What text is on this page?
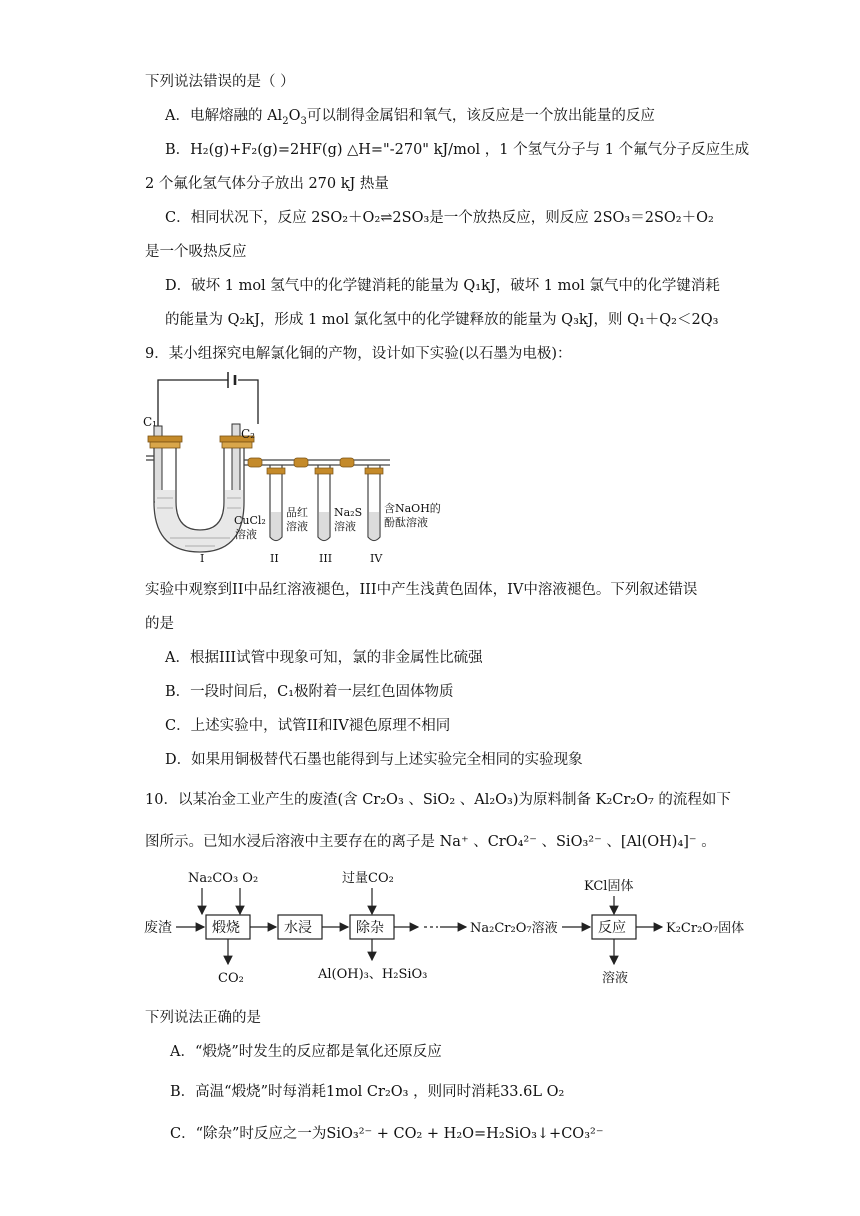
下列说法错误的是（ ）
A．电解熔融的 $Al_2O_3$可以制得金属铝和氧气，该反应是一个放出能量的反应
B．H₂(g)+F₂(g)=2HF(g) △H="-270" kJ/mol ，1 个氢气分子与 1 个氟气分子反应生成
2 个氟化氢气体分子放出 270 kJ 热量
C．相同状况下，反应 2SO₂＋O₂⇌2SO₃是一个放热反应，则反应 2SO₃＝2SO₂＋O₂
是一个吸热反应
D．破坏 1 mol 氢气中的化学键消耗的能量为 Q₁kJ，破坏 1 mol 氯气中的化学键消耗
的能量为 Q₂kJ，形成 1 mol 氯化氢中的化学键释放的能量为 Q₃kJ，则 Q₁＋Q₂＜2Q₃
9．某小组探究电解氯化铜的产物，设计如下实验(以石墨为电极)：
C₁
C₂
CuCl₂
溶液
品红
溶液
Na₂S
溶液
含NaOH的
酚酞溶液
I	II	III	IV
实验中观察到II中品红溶液褪色，III中产生浅黄色固体，IV中溶液褪色。下列叙述错误
的是
A．根据III试管中现象可知，氯的非金属性比硫强
B．一段时间后，C₁极附着一层红色固体物质
C．上述实验中，试管II和IV褪色原理不相同
D．如果用铜极替代石墨也能得到与上述实验完全相同的实验现象
10．以某冶金工业产生的废渣(含 Cr₂O₃ 、SiO₂ 、Al₂O₃)为原料制备 K₂Cr₂O₇ 的流程如下
图所示。已知水浸后溶液中主要存在的离子是 Na⁺ 、CrO₄²⁻ 、SiO₃²⁻ 、[Al(OH)₄]⁻ 。
Na₂CO₃ O₂	过量CO₂
KCl固体
废渣	煅烧	水浸	除杂	Na₂Cr₂O₇溶液	反应	K₂Cr₂O₇固体
CO₂	Al(OH)₃、H₂SiO₃	溶液
下列说法正确的是
A．“煅烧”时发生的反应都是氧化还原反应
B．高温“煅烧”时每消耗1mol Cr₂O₃ ，则同时消耗33.6L O₂
C．“除杂”时反应之一为SiO₃²⁻ + CO₂ + H₂O=H₂SiO₃↓+CO₃²⁻
